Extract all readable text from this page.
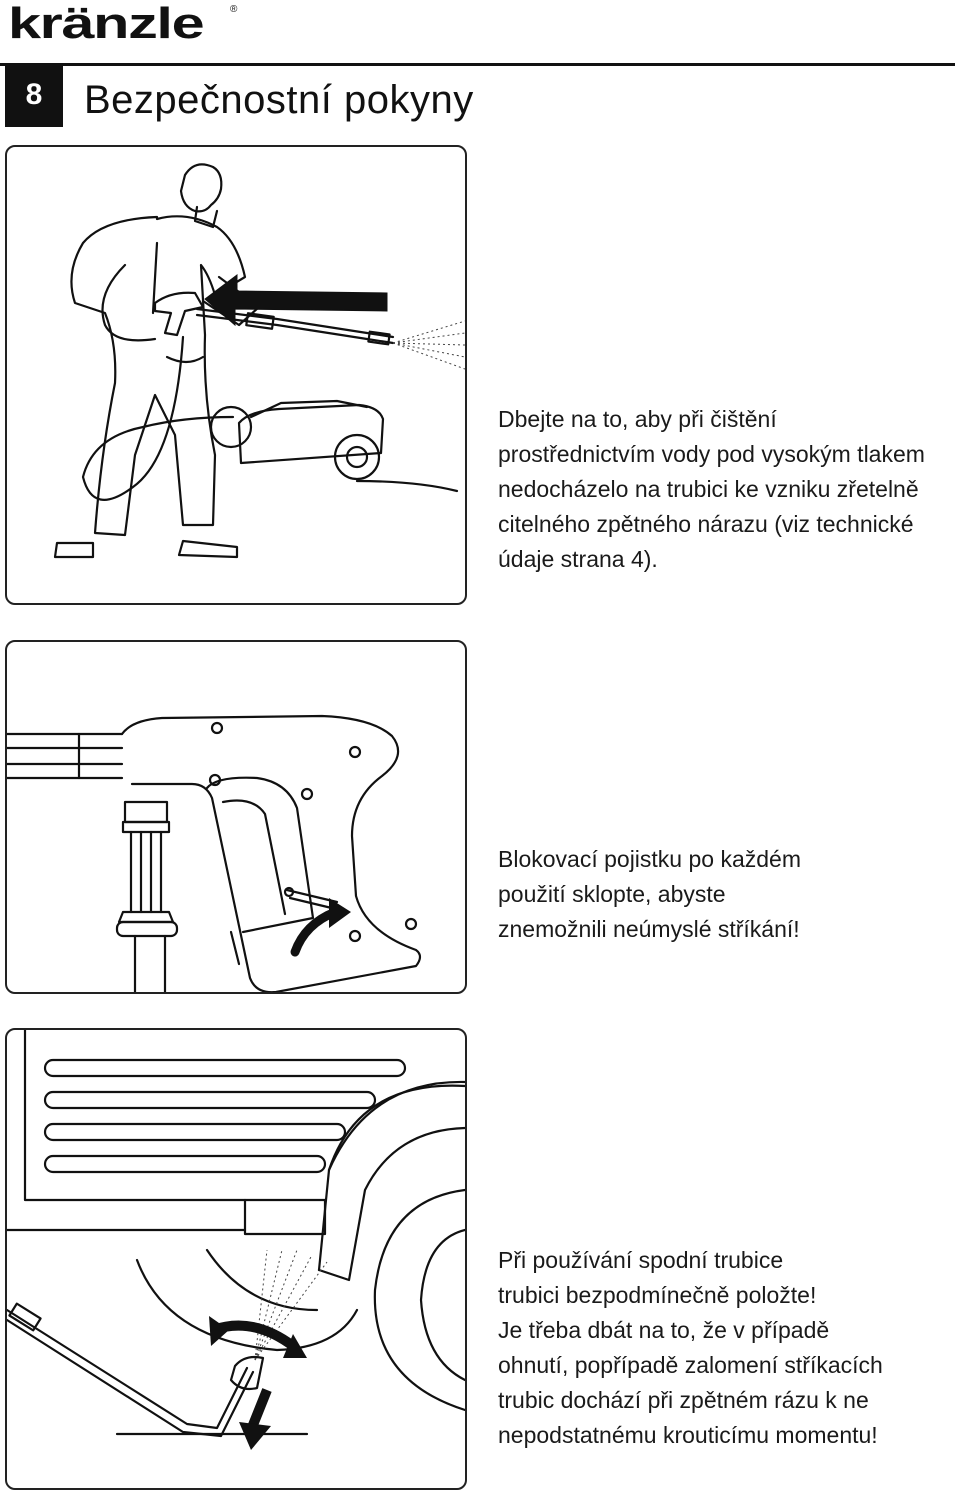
kränzle	®
8	Bezpečnostní pokyny
Dbejte na to, aby při čištění
prostřednictvím vody pod vysokým tlakem
nedocházelo na trubici ke vzniku zřetelně
citelného zpětného nárazu (viz technické
údaje strana 4).
Blokovací pojistku po každém
použití sklopte, abyste
znemožnili neúmyslé stříkání!
Při používání spodní trubice
trubici bezpodmínečně položte!
Je třeba dbát na to, že v případě
ohnutí, popřípadě zalomení stříkacích
trubic dochází při zpětném rázu k ne
nepodstatnému krouticímu momentu!
